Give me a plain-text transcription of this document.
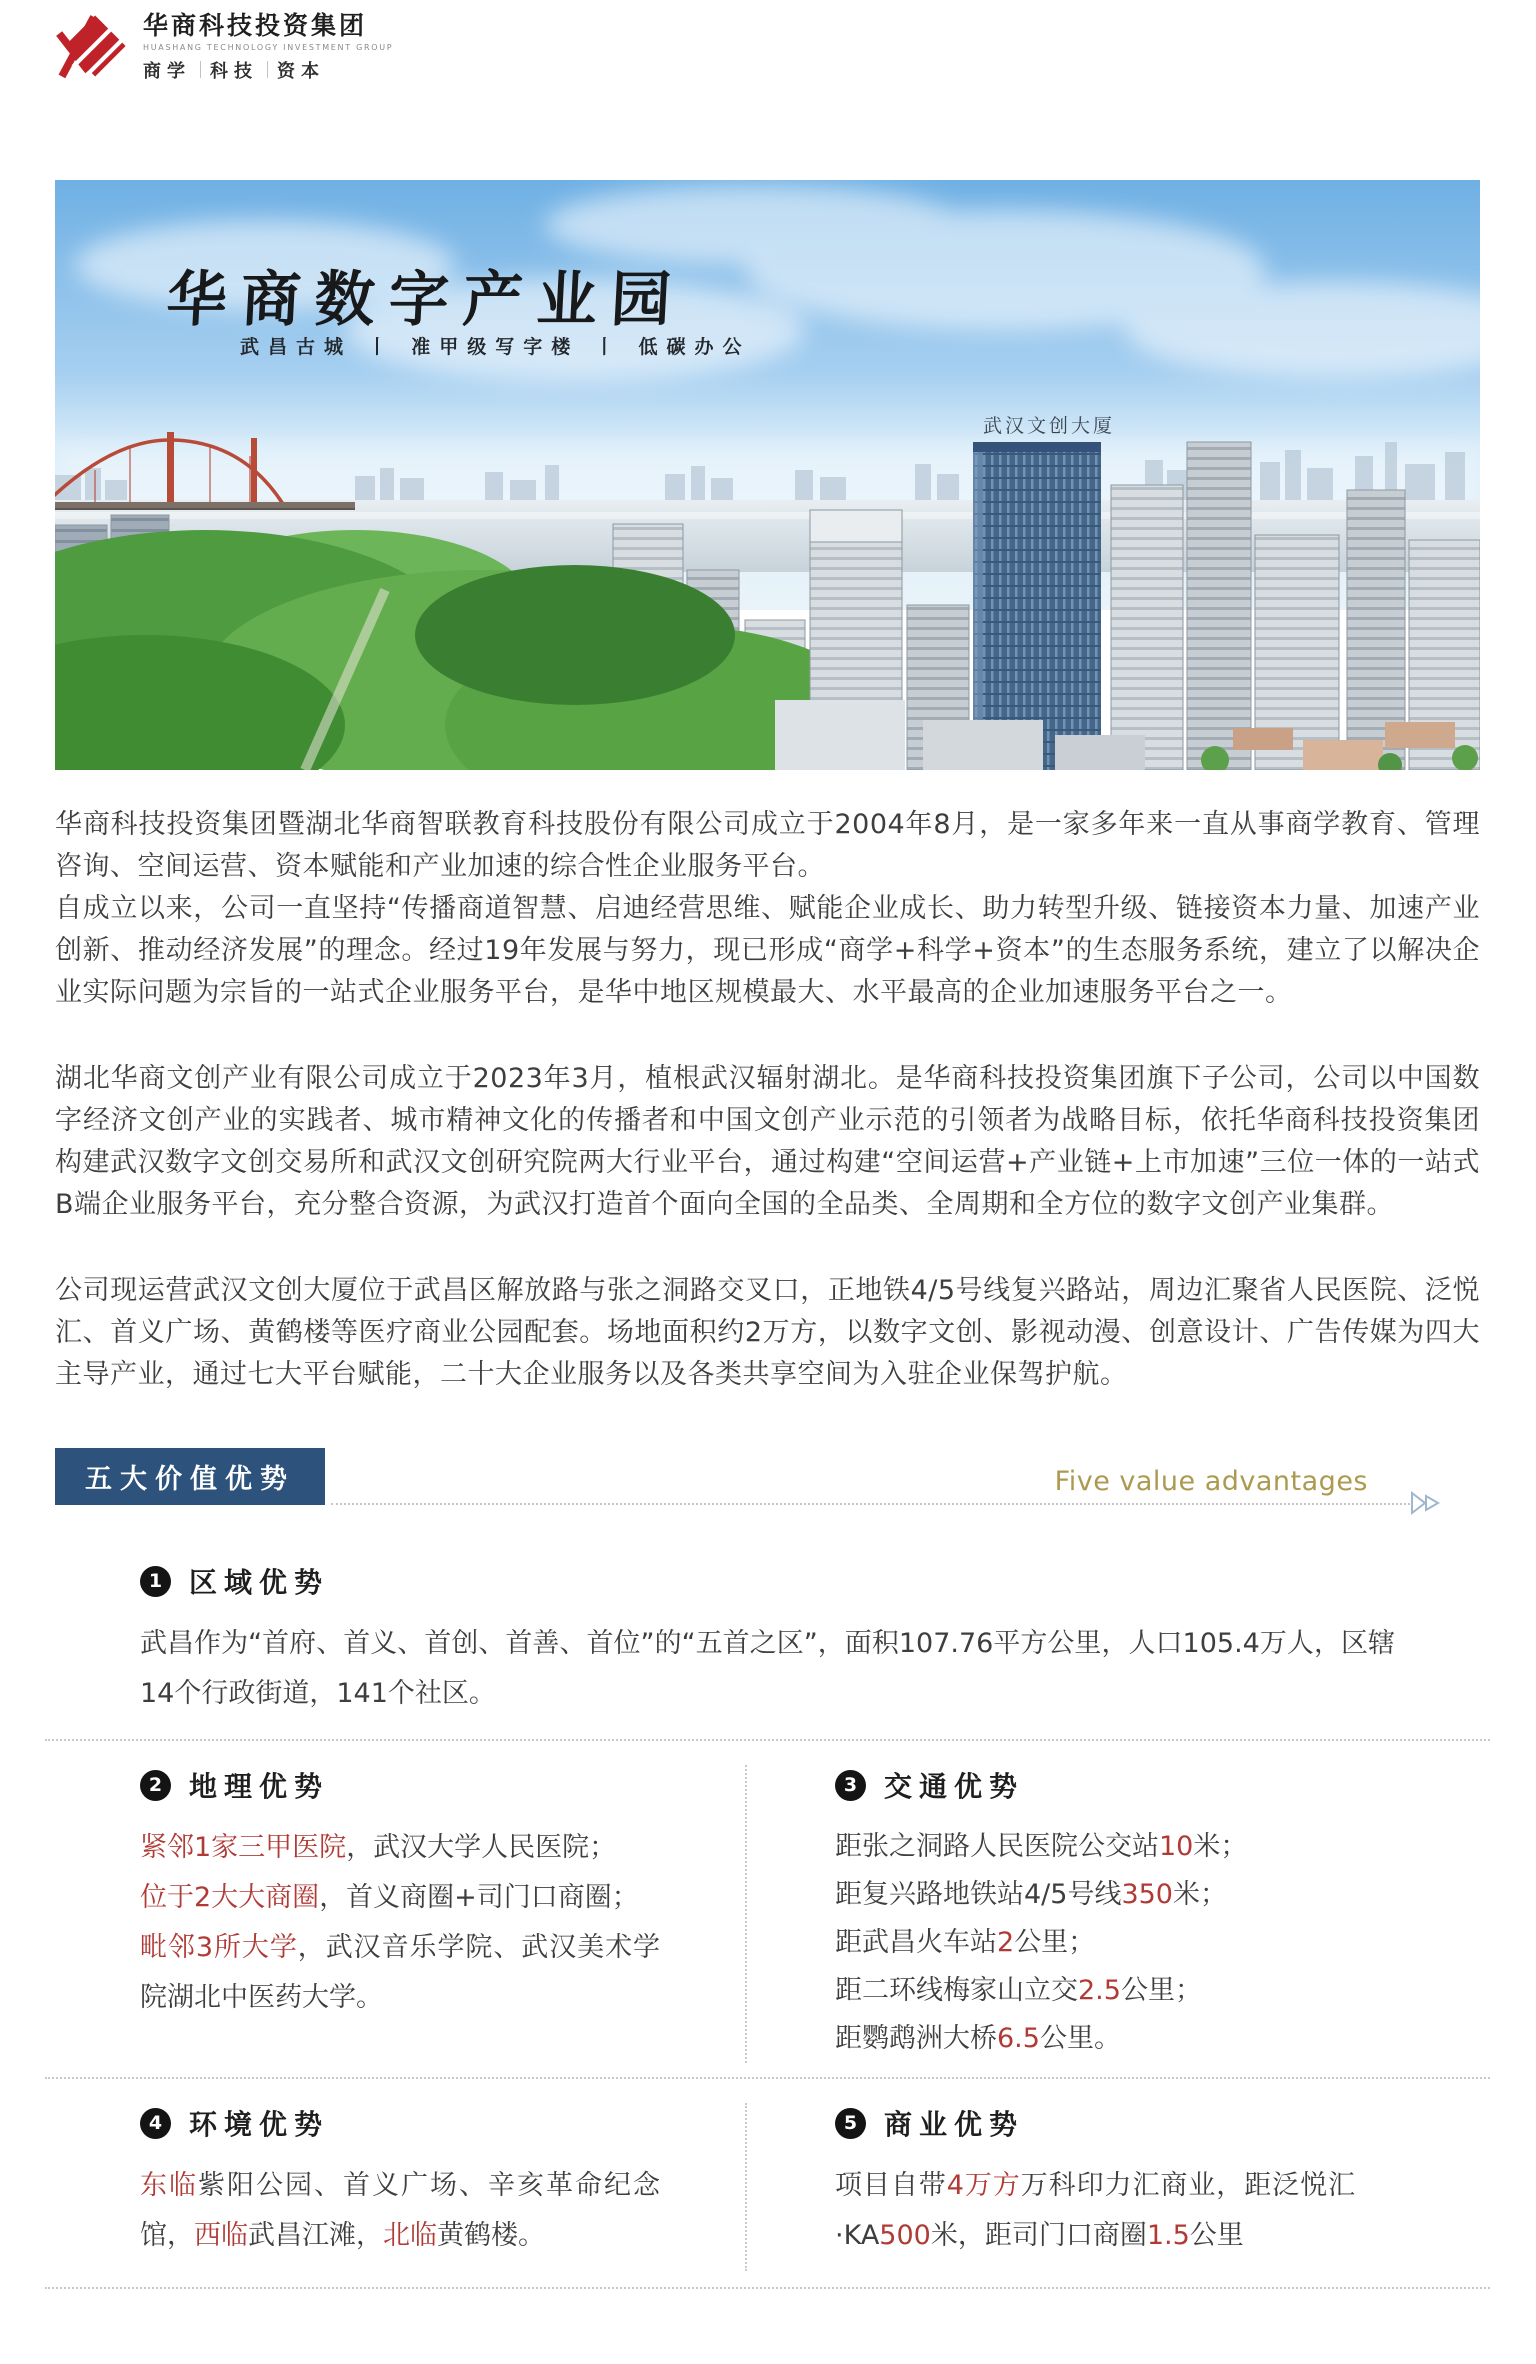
华商科技投资集团
HUASHANG TECHNOLOGY INVESTMENT GROUP
商学 科技 资本
武汉文创大厦
华商数字产业园
武昌古城 丨 准甲级写字楼 丨 低碳办公

华商科技投资集团暨湖北华商智联教育科技股份有限公司成立于2004年8月，是一家多年来一直从事商学教育、管理咨询、空间运营、资本赋能和产业加速的综合性企业服务平台。

自成立以来，公司一直坚持“传播商道智慧、启迪经营思维、赋能企业成长、助力转型升级、链接资本力量、加速产业创新、推动经济发展”的理念。经过19年发展与努力，现已形成“商学+科学+资本”的生态服务系统，建立了以解决企业实际问题为宗旨的一站式企业服务平台，是华中地区规模最大、水平最高的企业加速服务平台之一。

湖北华商文创产业有限公司成立于2023年3月，植根武汉辐射湖北。是华商科技投资集团旗下子公司，公司以中国数字经济文创产业的实践者、城市精神文化的传播者和中国文创产业示范的引领者为战略目标，依托华商科技投资集团构建武汉数字文创交易所和武汉文创研究院两大行业平台，通过构建“空间运营+产业链+上市加速”三位一体的一站式B端企业服务平台，充分整合资源，为武汉打造首个面向全国的全品类、全周期和全方位的数字文创产业集群。

公司现运营武汉文创大厦位于武昌区解放路与张之洞路交叉口，正地铁4/5号线复兴路站，周边汇聚省人民医院、泛悦汇、首义广场、黄鹤楼等医疗商业公园配套。场地面积约2万方，以数字文创、影视动漫、创意设计、广告传媒为四大主导产业，通过七大平台赋能，二十大企业服务以及各类共享空间为入驻企业保驾护航。

五大价值优势	Five value advantages
1 区域优势
武昌作为“首府、首义、首创、首善、首位”的“五首之区”，面积107.76平方公里，人口105.4万人，区辖14个行政街道，141个社区。
2 地理优势
紧邻1家三甲医院，武汉大学人民医院；
位于2大大商圈，首义商圈+司门口商圈；
毗邻3所大学，武汉音乐学院、武汉美术学院湖北中医药大学。
3 交通优势
距张之洞路人民医院公交站10米；
距复兴路地铁站4/5号线350米；
距武昌火车站2公里；
距二环线梅家山立交2.5公里；
距鹦鹉洲大桥6.5公里。
4 环境优势
东临紫阳公园、首义广场、辛亥革命纪念馆，西临武昌江滩，北临黄鹤楼。
5 商业优势
项目自带4万方万科印力汇商业，距泛悦汇·KA500米，距司门口商圈1.5公里
